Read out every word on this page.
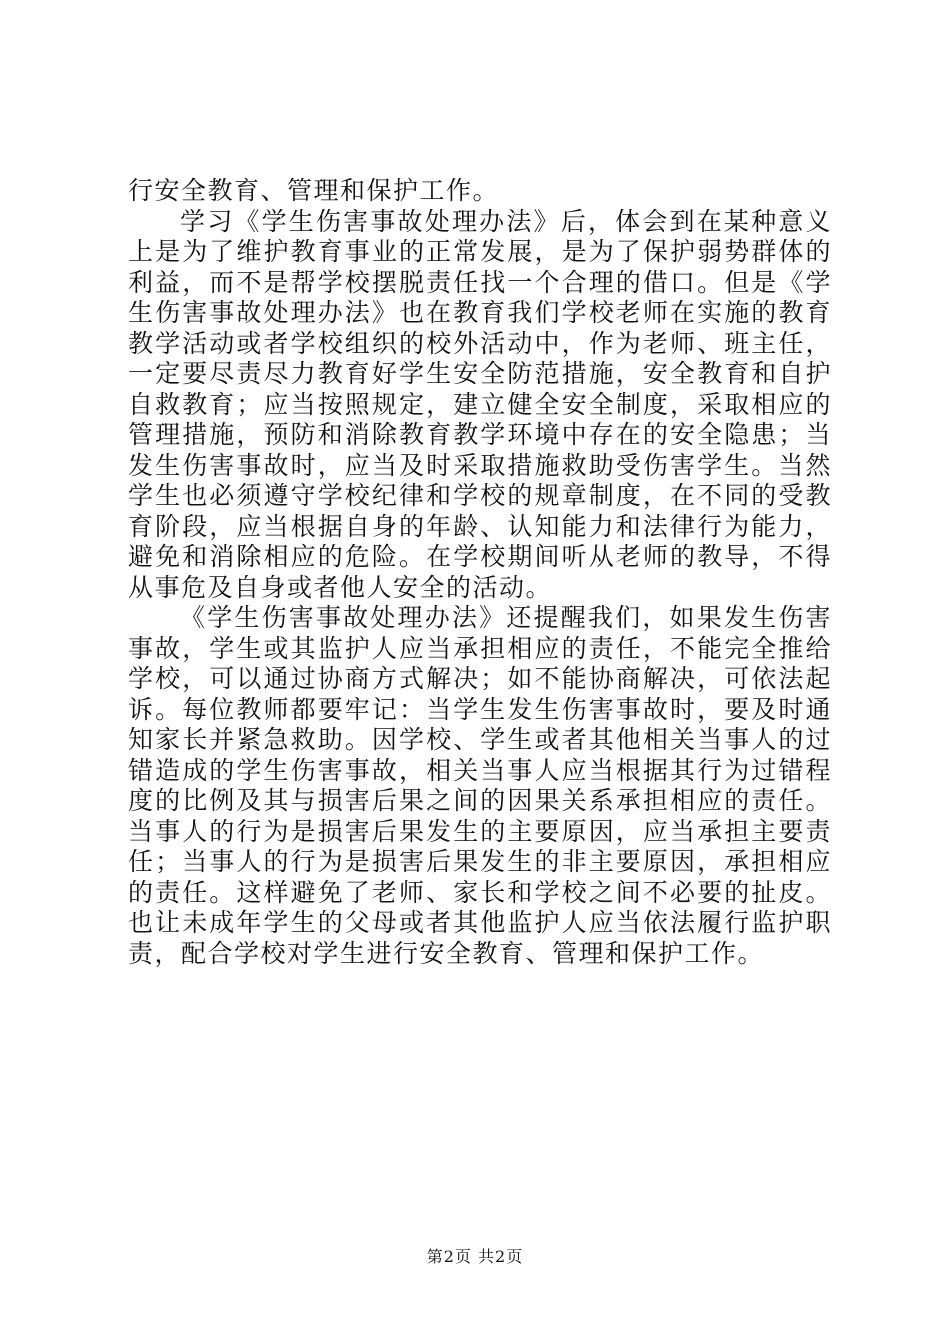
行安全教育、管理和保护工作。

学习《学生伤害事故处理办法》后，体会到在某种意义上是为了维护教育事业的正常发展，是为了保护弱势群体的利益，而不是帮学校摆脱责任找一个合理的借口。但是《学生伤害事故处理办法》也在教育我们学校老师在实施的教育教学活动或者学校组织的校外活动中，作为老师、班主任，一定要尽责尽力教育好学生安全防范措施，安全教育和自护自救教育；应当按照规定，建立健全安全制度，采取相应的管理措施，预防和消除教育教学环境中存在的安全隐患；当发生伤害事故时，应当及时采取措施救助受伤害学生。当然学生也必须遵守学校纪律和学校的规章制度，在不同的受教育阶段，应当根据自身的年龄、认知能力和法律行为能力，避免和消除相应的危险。在学校期间听从老师的教导，不得从事危及自身或者他人安全的活动。

《学生伤害事故处理办法》还提醒我们，如果发生伤害事故，学生或其监护人应当承担相应的责任，不能完全推给学校，可以通过协商方式解决；如不能协商解决，可依法起诉。每位教师都要牢记：当学生发生伤害事故时，要及时通知家长并紧急救助。因学校、学生或者其他相关当事人的过错造成的学生伤害事故，相关当事人应当根据其行为过错程度的比例及其与损害后果之间的因果关系承担相应的责任。当事人的行为是损害后果发生的主要原因，应当承担主要责任；当事人的行为是损害后果发生的非主要原因，承担相应的责任。这样避免了老师、家长和学校之间不必要的扯皮。也让未成年学生的父母或者其他监护人应当依法履行监护职责，配合学校对学生进行安全教育、管理和保护工作。

第2页 共2页
